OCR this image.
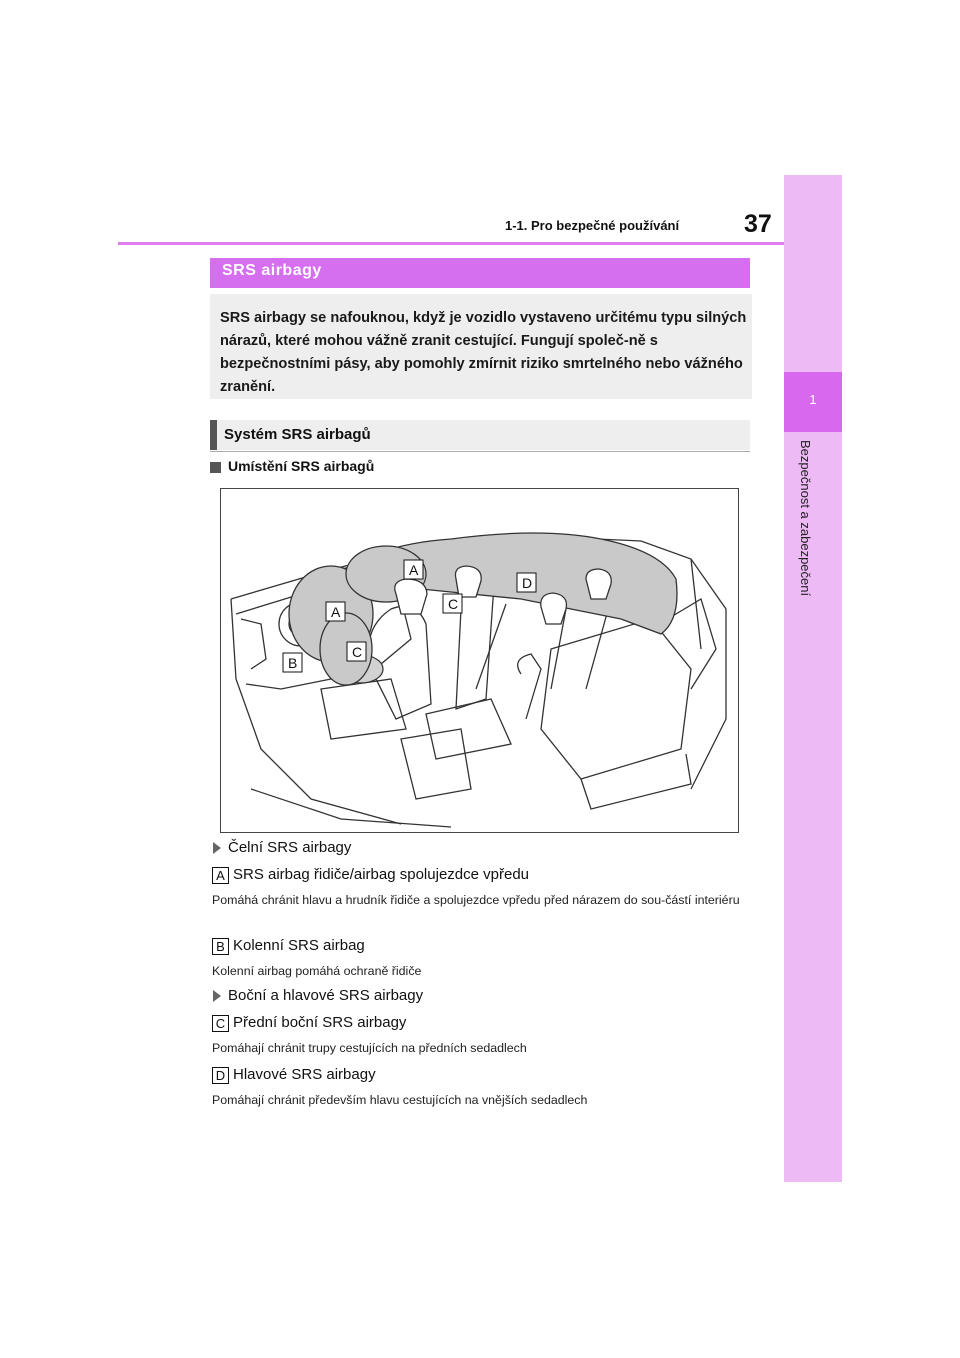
1-1. Pro bezpečné používání	37
1
Bezpečnost a zabezpečení
SRS airbagy
SRS airbagy se nafouknou, když je vozidlo vystaveno určitému typu silných nárazů, které mohou vážně zranit cestující. Fungují společ-ně s bezpečnostními pásy, aby pomohly zmírnit riziko smrtelného nebo vážného zranění.
Systém SRS airbagů
Umístění SRS airbagů
A
A
B
C
C
D
Čelní SRS airbagy
A SRS airbag řidiče/airbag spolujezdce vpředu
Pomáhá chránit hlavu a hrudník řidiče a spolujezdce vpředu před nárazem do sou-částí interiéru
B Kolenní SRS airbag
Kolenní airbag pomáhá ochraně řidiče
Boční a hlavové SRS airbagy
C Přední boční SRS airbagy
Pomáhají chránit trupy cestujících na předních sedadlech
D Hlavové SRS airbagy
Pomáhají chránit především hlavu cestujících na vnějších sedadlech
